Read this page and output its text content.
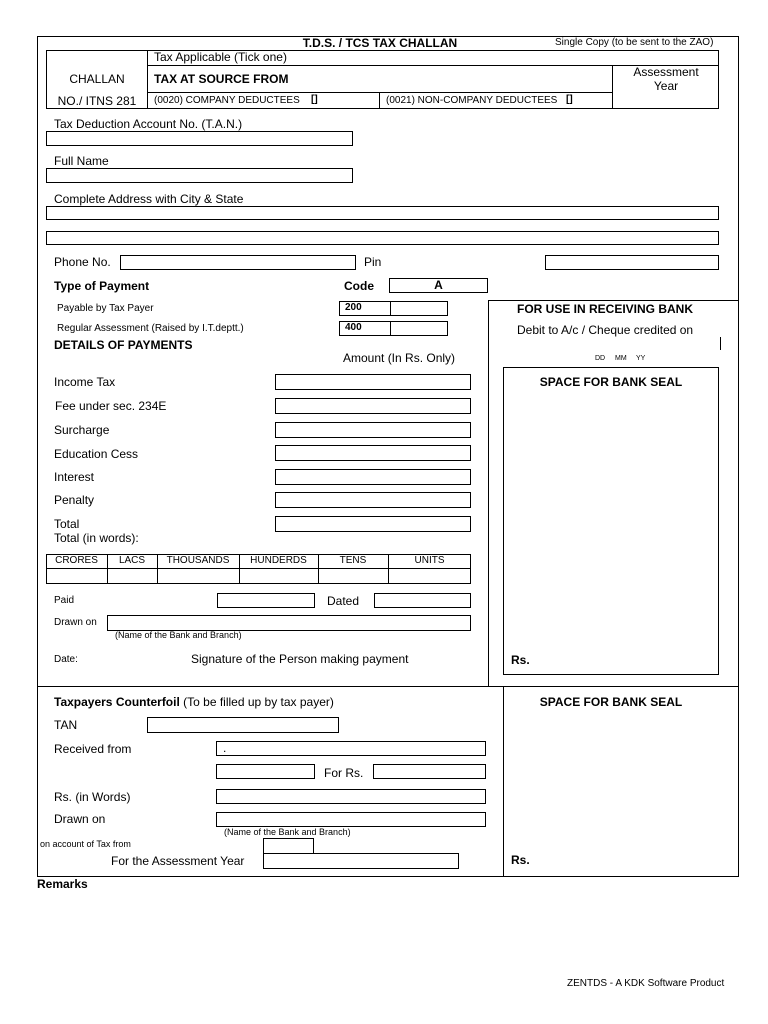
T.D.S. / TCS TAX CHALLAN	Single Copy (to be sent to the ZAO)
CHALLAN
NO./ ITNS 281
Tax Applicable (Tick one)
TAX AT SOURCE FROM
(0020) COMPANY DEDUCTEES []	(0021) NON-COMPANY DEDUCTEES []
Assessment
Year
Tax Deduction Account No. (T.A.N.)
Full Name
Complete Address with City & State
Phone No.	Pin
Type of Payment	Code	A
Payable by Tax Payer	200
Regular Assessment (Raised by I.T.deptt.)	400
FOR USE IN RECEIVING BANK
Debit to A/c / Cheque credited on
DD MM YY
SPACE FOR BANK SEAL
Rs.
DETAILS OF PAYMENTS
Amount (In Rs. Only)
Income Tax
Fee under sec. 234E
Surcharge
Education Cess
Interest
Penalty
Total
Total (in words):
CRORES	LACS	THOUSANDS	HUNDERDS	TENS	UNITS
Paid	Dated
Drawn on
(Name of the Bank and Branch)
Date:	Signature of the Person making payment
Taxpayers Counterfoil (To be filled up by tax payer)
TAN
Received from	.
For Rs.
Rs. (in Words)
Drawn on
(Name of the Bank and Branch)
on account of Tax from
For the Assessment Year
SPACE FOR BANK SEAL
Rs.
Remarks
ZENTDS - A KDK Software Product
